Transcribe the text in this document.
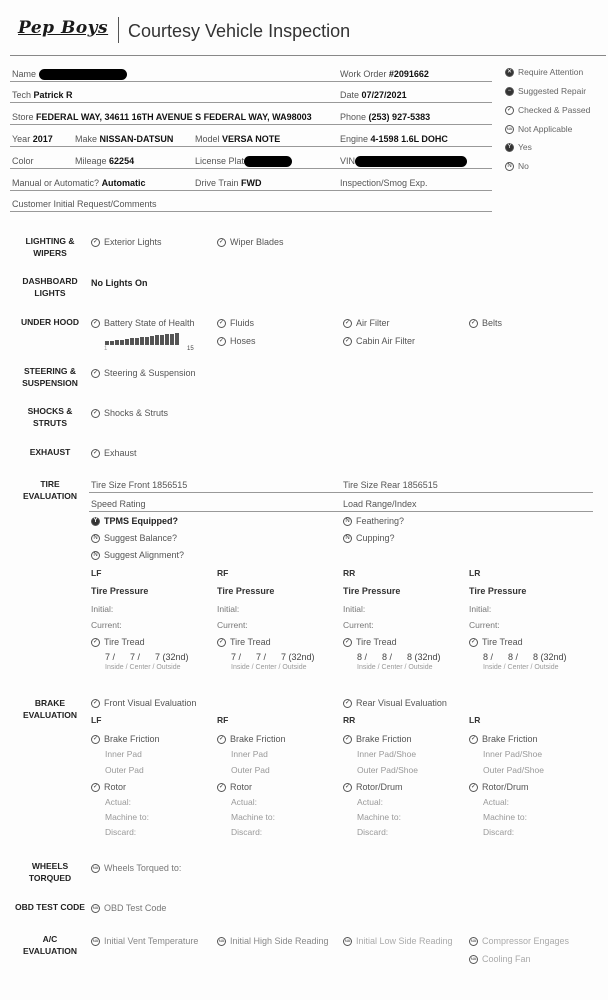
Pep Boys Courtesy Vehicle Inspection
Name	Work Order #2091662
Tech Patrick R	Date 07/27/2021
Store FEDERAL WAY, 34611 16TH AVENUE S FEDERAL WAY, WA98003	Phone (253) 927-5383
Year 2017 Make NISSAN-DATSUN Model VERSA NOTE	Engine 4-1598 1.6L DOHC
Color	Mileage 62254	License Plat	VIN
Manual or Automatic? Automatic	Drive Train FWD	Inspection/Smog Exp.
Customer Initial Request/Comments
✕ Require Attention
− Suggested Repair
✓ Checked & Passed
NA Not Applicable
Y Yes
N No
LIGHTING &
WIPERS
✓ Exterior Lights	✓ Wiper Blades
DASHBOARD
LIGHTS
No Lights On
UNDER HOOD	✓ Battery State of Health	✓ Fluids	✓ Air Filter	✓ Belts
1	15
✓ Hoses	✓ Cabin Air Filter
STEERING &
SUSPENSION
✓ Steering & Suspension
SHOCKS &
STRUTS
✓ Shocks & Struts
EXHAUST	✓ Exhaust
TIRE
EVALUATION
Tire Size Front 1856515	Tire Size Rear 1856515
Speed Rating	Load Range/Index
Y TPMS Equipped?	N Feathering?
N Suggest Balance?	N Cupping?
N Suggest Alignment?
LF	RF	RR	LR
Tire Pressure	Tire Pressure	Tire Pressure	Tire Pressure
Initial:	Initial:	Initial:	Initial:
Current:	Current:	Current:	Current:
✓ Tire Tread	✓ Tire Tread	✓ Tire Tread	✓ Tire Tread
7 /      7 /      7 (32nd)	7 /      7 /      7 (32nd)	8 /      8 /      8 (32nd)	8 /      8 /      8 (32nd)
Inside / Center / Outside	Inside / Center / Outside	Inside / Center / Outside	Inside / Center / Outside
BRAKE
EVALUATION
✓ Front Visual Evaluation	✓ Rear Visual Evaluation
LF	RF	RR	LR
✓ Brake Friction	✓ Brake Friction	✓ Brake Friction	✓ Brake Friction
Inner Pad	Inner Pad	Inner Pad/Shoe	Inner Pad/Shoe
Outer Pad	Outer Pad	Outer Pad/Shoe	Outer Pad/Shoe
✓ Rotor	✓ Rotor	✓ Rotor/Drum	✓ Rotor/Drum
Actual:	Actual:	Actual:	Actual:
Machine to:	Machine to:	Machine to:	Machine to:
Discard:	Discard:	Discard:	Discard:
WHEELS
TORQUED
NA Wheels Torqued to:
OBD TEST CODE	NA OBD Test Code
A/C
EVALUATION
NA Initial Vent Temperature	NA Initial High Side Reading	NA Initial Low Side Reading	NA Compressor Engages
NA Cooling Fan
